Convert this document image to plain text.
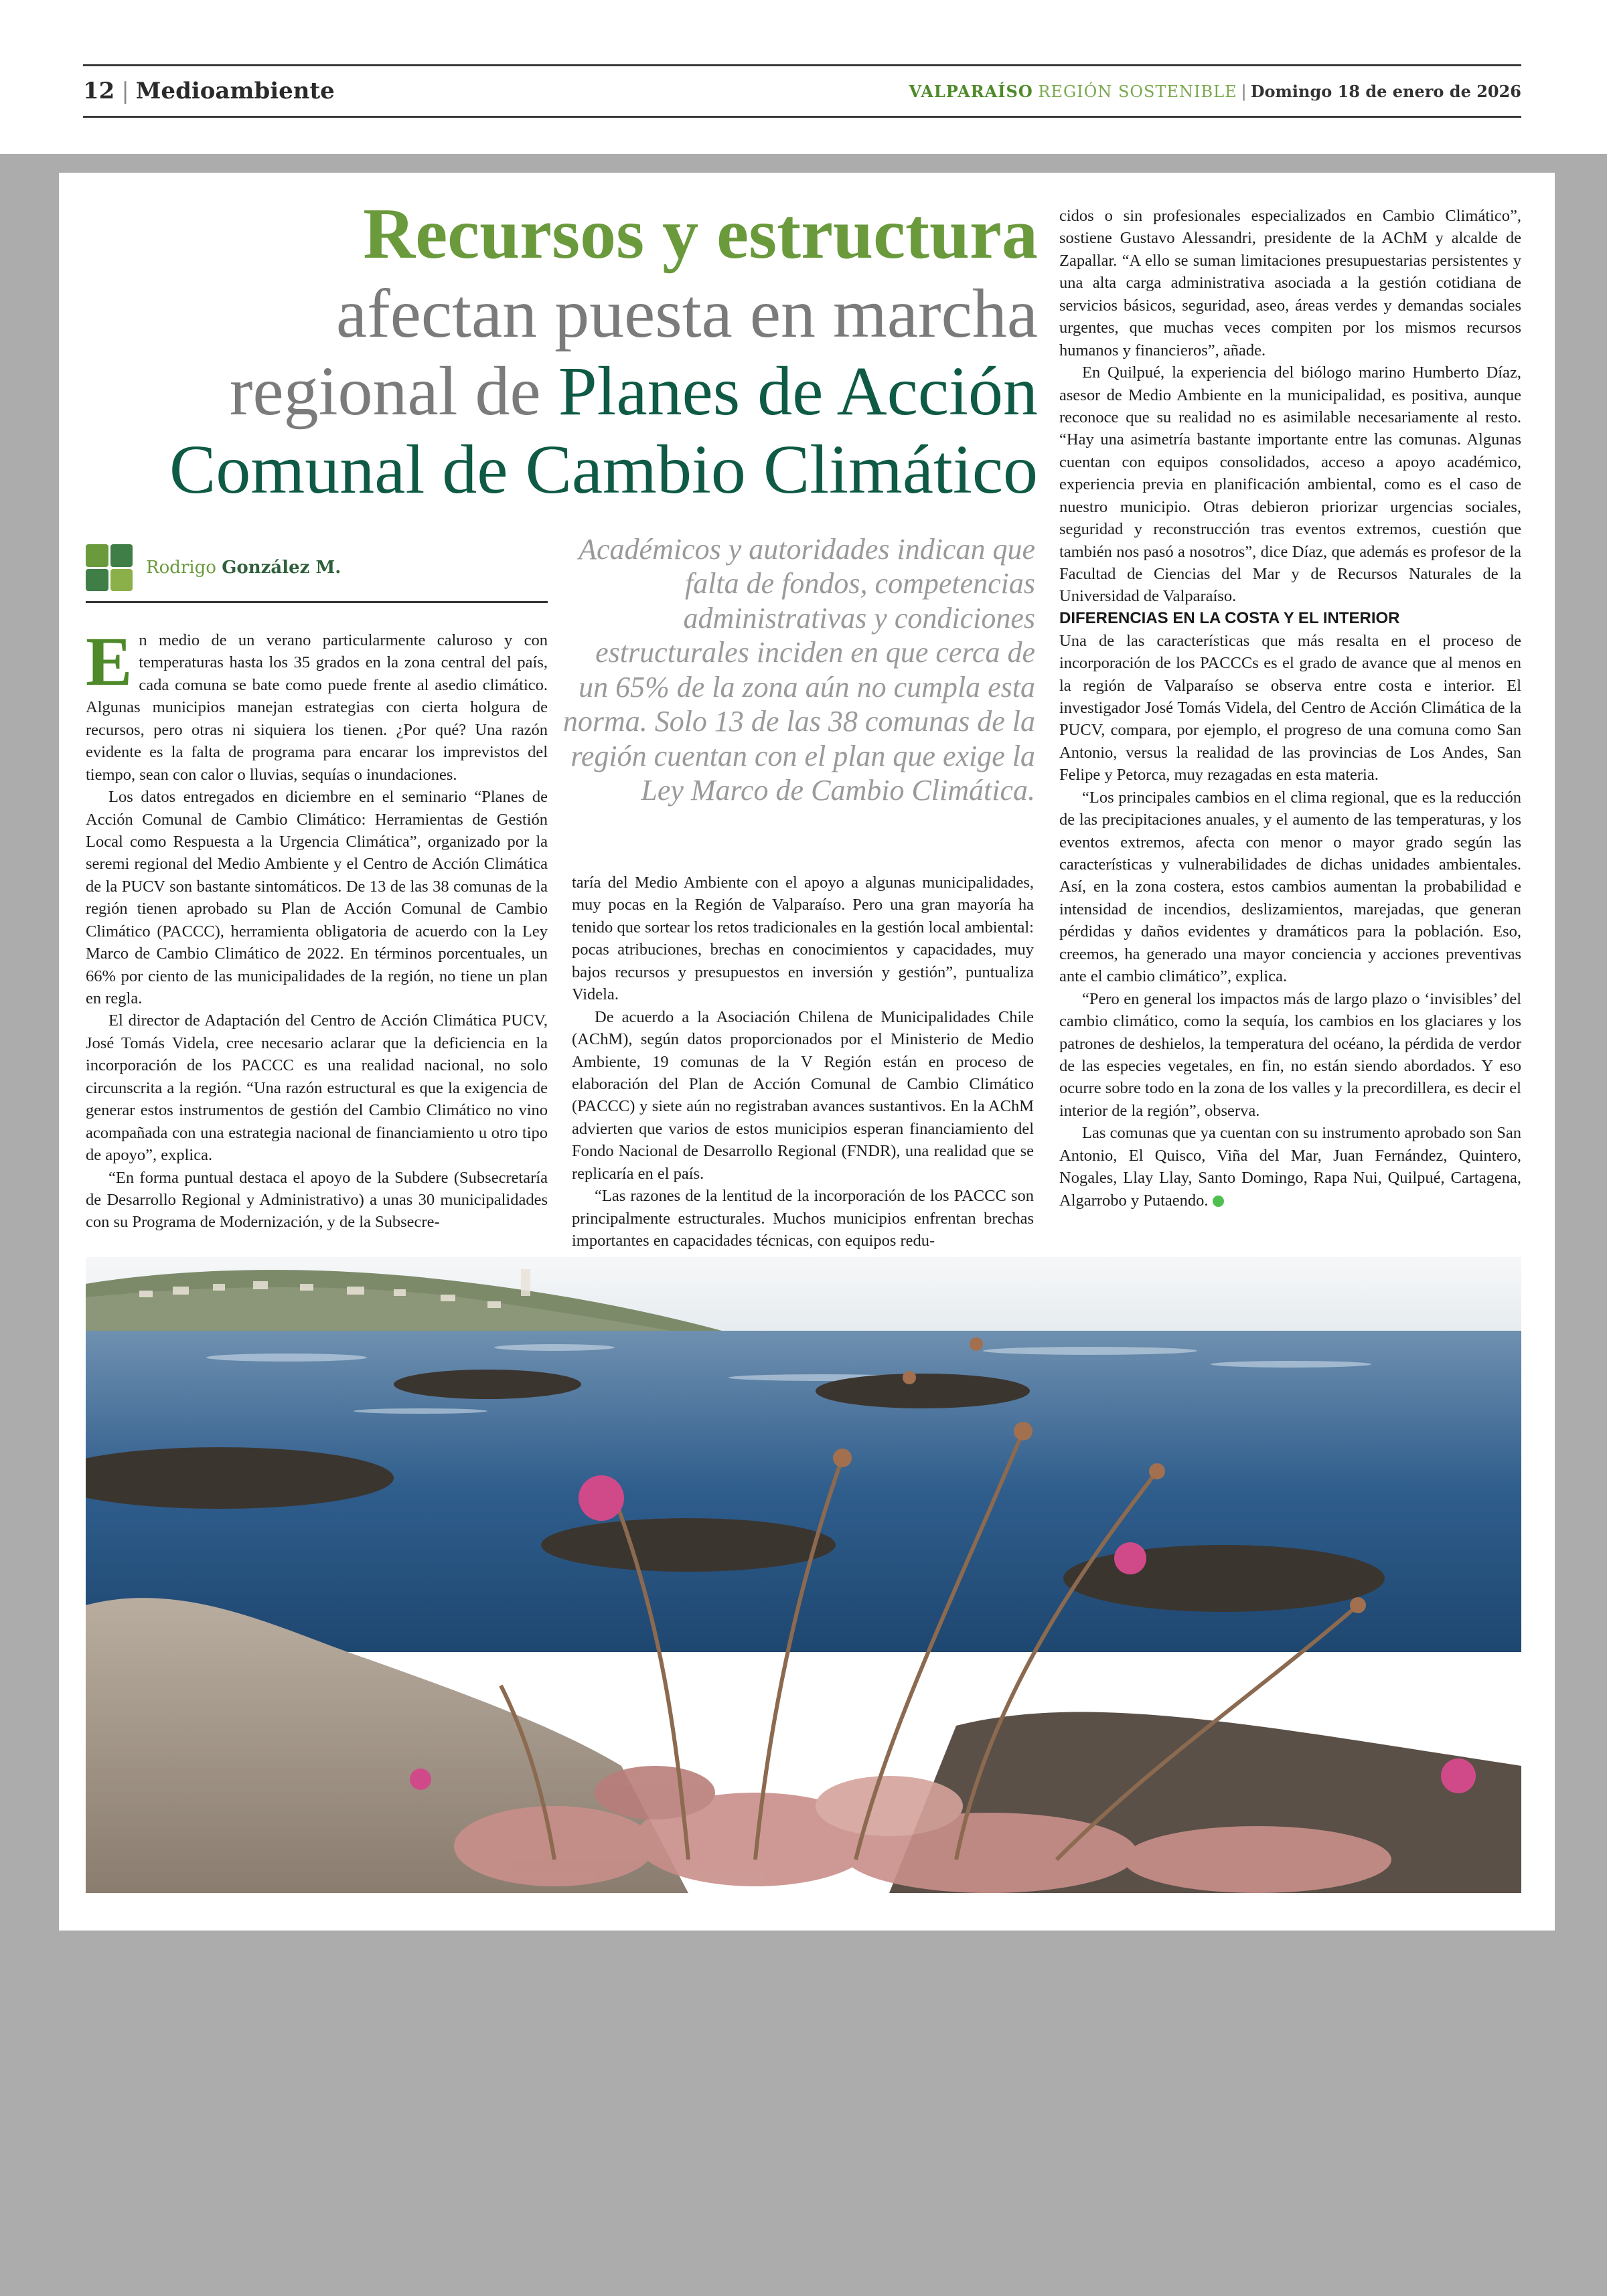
12 | Medioambiente	VALPARAÍSO REGIÓN SOSTENIBLE | Domingo 18 de enero de 2026
Recursos y estructura
afectan puesta en marcha
regional de Planes de Acción
Comunal de Cambio Climático
Rodrigo González M.
Académicos y autoridades indican que falta de fondos, competencias administrativas y condiciones estructurales inciden en que cerca de un 65% de la zona aún no cumpla esta norma. Solo 13 de las 38 comunas de la región cuentan con el plan que exige la Ley Marco de Cambio Climática.

En medio de un verano particularmente caluroso y con temperaturas hasta los 35 grados en la zona central del país, cada comuna se bate como puede frente al asedio climático. Algunas municipios manejan estrategias con cierta holgura de recursos, pero otras ni siquiera los tienen. ¿Por qué? Una razón evidente es la falta de programa para encarar los imprevistos del tiempo, sean con calor o lluvias, sequías o inundaciones.

Los datos entregados en diciembre en el seminario “Planes de Acción Comunal de Cambio Climático: Herramientas de Gestión Local como Respuesta a la Urgencia Climática”, organizado por la seremi regional del Medio Ambiente y el Centro de Acción Climática de la PUCV son bastante sintomáticos. De 13 de las 38 comunas de la región tienen aprobado su Plan de Acción Comunal de Cambio Climático (PACCC), herramienta obligatoria de acuerdo con la Ley Marco de Cambio Climático de 2022. En términos porcentuales, un 66% por ciento de las municipalidades de la región, no tiene un plan en regla.

El director de Adaptación del Centro de Acción Climática PUCV, José Tomás Videla, cree necesario aclarar que la deficiencia en la incorporación de los PACCC es una realidad nacional, no solo circunscrita a la región. “Una razón estructural es que la exigencia de generar estos instrumentos de gestión del Cambio Climático no vino acompañada con una estrategia nacional de financiamiento u otro tipo de apoyo”, explica.

“En forma puntual destaca el apoyo de la Subdere (Subsecretaría de Desarrollo Regional y Administrativo) a unas 30 municipalidades con su Programa de Modernización, y de la Subsecre-

taría del Medio Ambiente con el apoyo a algunas municipalidades, muy pocas en la Región de Valparaíso. Pero una gran mayoría ha tenido que sortear los retos tradicionales en la gestión local ambiental: pocas atribuciones, brechas en conocimientos y capacidades, muy bajos recursos y presupuestos en inversión y gestión”, puntualiza Videla.

De acuerdo a la Asociación Chilena de Municipalidades Chile (AChM), según datos proporcionados por el Ministerio de Medio Ambiente, 19 comunas de la V Región están en proceso de elaboración del Plan de Acción Comunal de Cambio Climático (PACCC) y siete aún no registraban avances sustantivos. En la AChM advierten que varios de estos municipios esperan financiamiento del Fondo Nacional de Desarrollo Regional (FNDR), una realidad que se replicaría en el país.

“Las razones de la lentitud de la incorporación de los PACCC son principalmente estructurales. Muchos municipios enfrentan brechas importantes en capacidades técnicas, con equipos redu-

cidos o sin profesionales especializados en Cambio Climático”, sostiene Gustavo Alessandri, presidente de la AChM y alcalde de Zapallar. “A ello se suman limitaciones presupuestarias persistentes y una alta carga administrativa asociada a la gestión cotidiana de servicios básicos, seguridad, aseo, áreas verdes y demandas sociales urgentes, que muchas veces compiten por los mismos recursos humanos y financieros”, añade.

En Quilpué, la experiencia del biólogo marino Humberto Díaz, asesor de Medio Ambiente en la municipalidad, es positiva, aunque reconoce que su realidad no es asimilable necesariamente al resto. “Hay una asimetría bastante importante entre las comunas. Algunas cuentan con equipos consolidados, acceso a apoyo académico, experiencia previa en planificación ambiental, como es el caso de nuestro municipio. Otras debieron priorizar urgencias sociales, seguridad y reconstrucción tras eventos extremos, cuestión que también nos pasó a nosotros”, dice Díaz, que además es profesor de la Facultad de Ciencias del Mar y de Recursos Naturales de la Universidad de Valparaíso.

DIFERENCIAS EN LA COSTA Y EL INTERIOR

Una de las características que más resalta en el proceso de incorporación de los PACCCs es el grado de avance que al menos en la región de Valparaíso se observa entre costa e interior. El investigador José Tomás Videla, del Centro de Acción Climática de la PUCV, compara, por ejemplo, el progreso de una comuna como San Antonio, versus la realidad de las provincias de Los Andes, San Felipe y Petorca, muy rezagadas en esta materia.

“Los principales cambios en el clima regional, que es la reducción de las precipitaciones anuales, y el aumento de las temperaturas, y los eventos extremos, afecta con menor o mayor grado según las características y vulnerabilidades de dichas unidades ambientales. Así, en la zona costera, estos cambios aumentan la probabilidad e intensidad de incendios, deslizamientos, marejadas, que generan pérdidas y daños evidentes y dramáticos para la población. Eso, creemos, ha generado una mayor conciencia y acciones preventivas ante el cambio climático”, explica.

“Pero en general los impactos más de largo plazo o ‘invisibles’ del cambio climático, como la sequía, los cambios en los glaciares y los patrones de deshielos, la temperatura del océano, la pérdida de verdor de las especies vegetales, en fin, no están siendo abordados. Y eso ocurre sobre todo en la zona de los valles y la precordillera, es decir el interior de la región”, observa.

Las comunas que ya cuentan con su instrumento aprobado son San Antonio, El Quisco, Viña del Mar, Juan Fernández, Quintero, Nogales, Llay Llay, Santo Domingo, Rapa Nui, Quilpué, Cartagena, Algarrobo y Putaendo.
